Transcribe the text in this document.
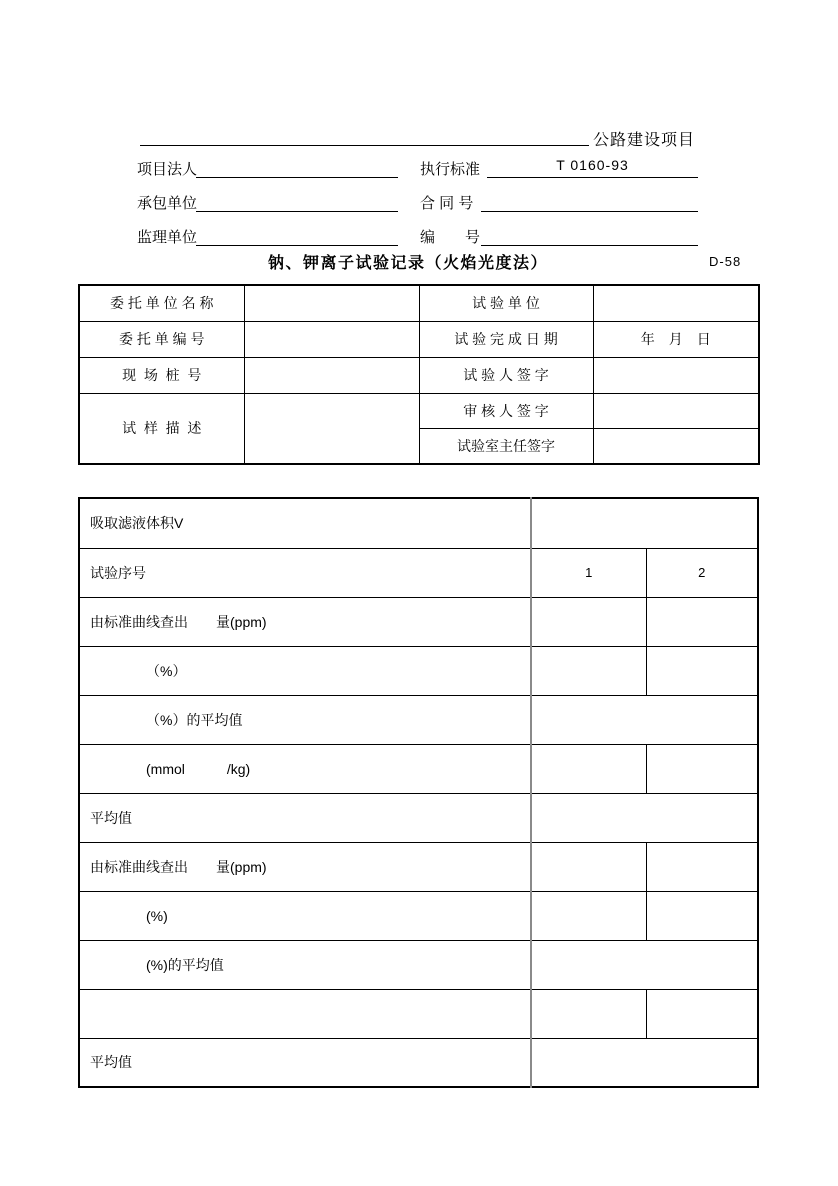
公路建设项目
项目法人	执行标准	T 0160-93
承包单位	合 同 号
监理单位	编　　号
钠、钾离子试验记录（火焰光度法）	D-58
委 托 单 位 名 称		试 验 单 位	
委 托 单 编 号		试 验 完 成 日 期	年　月　日
现  场  桩  号		试 验 人 签 字	
试  样  描  述		审 核 人 签 字	
		试验室主任签字	
吸取滤液体积V		
试验序号	1	2
由标准曲线查出　　量(ppm)		
（%）		
（%）的平均值		
(mmol　　　/kg)		
平均值		
由标准曲线查出　　量(ppm)		
(%)		
(%)的平均值		

平均值		
